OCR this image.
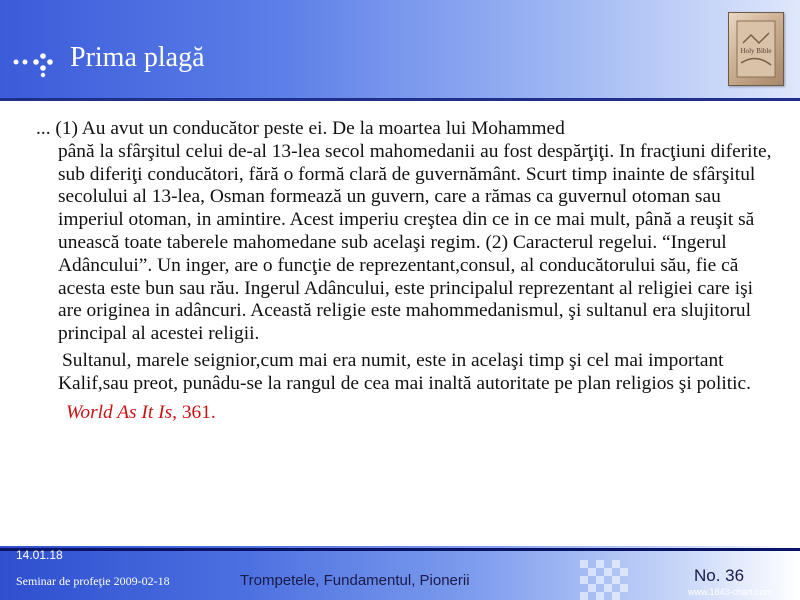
Prima plagă	Holy Bible

... (1) Au avut un conducător peste ei. De la moartea lui Mohammed
până la sfârşitul celui de-al 13-lea secol mahomedanii au fost despărţiţi. In fracţiuni diferite, sub diferiţi conducători, fără o formă clară de guvernământ. Scurt timp inainte de sfârşitul secolului al 13-lea, Osman formează un guvern, care a rămas ca guvernul otoman sau imperiul otoman, in amintire. Acest imperiu creştea din ce in ce mai mult, până a reuşit să unească toate taberele mahomedane sub acelaşi regim. (2) Caracterul regelui. “Ingerul Adâncului”. Un inger, are o funcţie de reprezentant,consul, al conducătorului său, fie că acesta este bun sau rău. Ingerul Adâncului, este principalul reprezentant al religiei care işi are originea in adâncuri. Această religie este mahommedanismul, şi sultanul era slujitorul principal al acestei religii.

Sultanul, marele seignior,cum mai era numit, este in acelaşi timp şi cel mai important Kalif,sau preot, punâdu-se la rangul de cea mai inaltă autoritate pe plan religios şi politic.

World As It Is, 361.

14.01.18
Seminar de profeţie 2009-02-18	Trompetele, Fundamentul, Pionerii	No. 36
www.1843-chart.com
